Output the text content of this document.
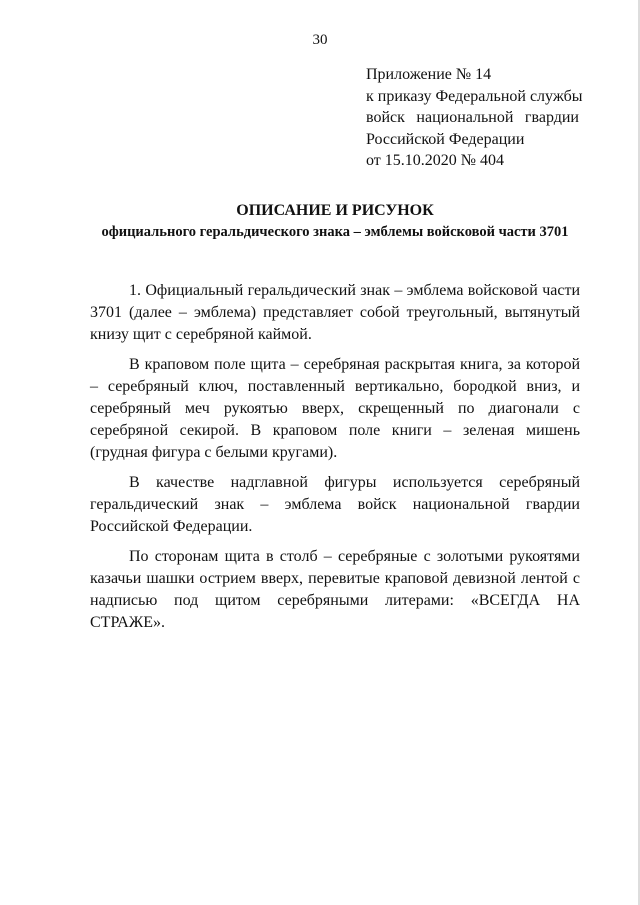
30
Приложение № 14
к приказу Федеральной службы
войск национальной гвардии
Российской Федерации
от 15.10.2020 № 404
ОПИСАНИЕ И РИСУНОК
официального геральдического знака – эмблемы войсковой части 3701

1. Официальный геральдический знак – эмблема войсковой части 3701 (далее – эмблема) представляет собой треугольный, вытянутый книзу щит с серебряной каймой.

В краповом поле щита – серебряная раскрытая книга, за которой – серебряный ключ, поставленный вертикально, бородкой вниз, и серебряный меч рукоятью вверх, скрещенный по диагонали с серебряной секирой. В краповом поле книги – зеленая мишень (грудная фигура с белыми кругами).

В качестве надглавной фигуры используется серебряный геральдический знак – эмблема войск национальной гвардии Российской Федерации.

По сторонам щита в столб – серебряные с золотыми рукоятями казачьи шашки острием вверх, перевитые краповой девизной лентой с надписью под щитом серебряными литерами: «ВСЕГДА НА СТРАЖЕ».
